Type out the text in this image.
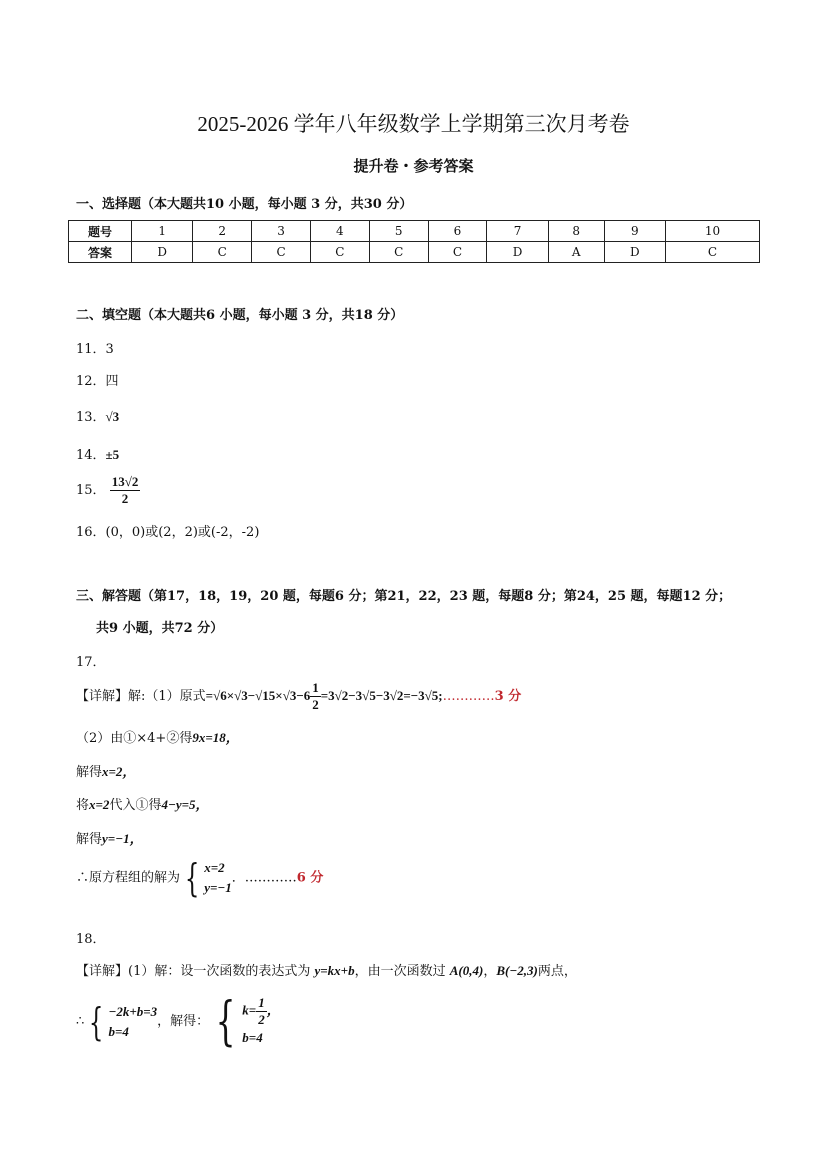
2025-2026 学年八年级数学上学期第三次月考卷
提升卷・参考答案
一、选择题（本大题共10 小题，每小题 3 分，共30 分）
题号	1	2	3	4	5	6	7	8	9	10
答案	D	C	C	C	C	C	D	A	D	C
二、填空题（本大题共6 小题，每小题 3 分，共18 分）
11．3
12．四
13．√3
14．±5
15． $\frac{13√2}{2}$
16．(0，0)或(2，2)或(-2，-2)
三、解答题（第17，18，19，20 题，每题6 分；第21，22，23 题，每题8 分；第24，25 题，每题12 分；
共9 小题，共72 分）
17．
【详解】解:（1）原式$=√6\times√3-√15\times√3-6 \frac{1}{2}$ =3√2−3√5−3√2=−3√5;…………3 分
（2）由①×4+②得9x=18，
解得x=2，
将x=2代入①得4−y=5，
解得y=−1，
∴原方程组的解为 { x=2
y=−1
．…………6 分
18．
【详解】(1）解：设一次函数的表达式为 y=kx+b，由一次函数过 A(0,4)，B(−2,3)两点，
∴ { −2k+b=3
b=4
，解得： { $k= \frac{1}{2}$ ，
b=4
